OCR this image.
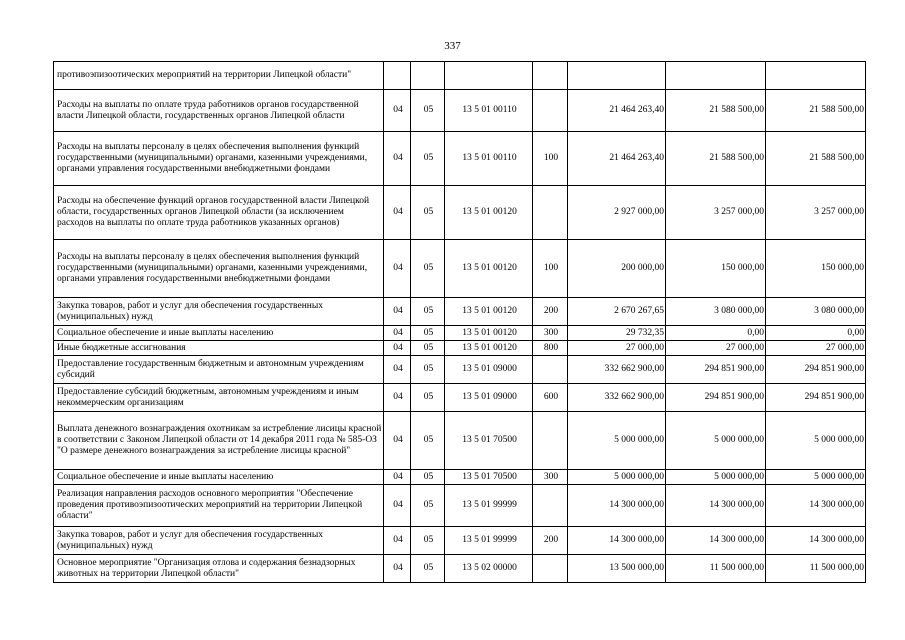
337
противоэпизоотических мероприятий на территории Липецкой области"							
Расходы на выплаты по оплате труда работников органов государственной власти Липецкой области, государственных органов Липецкой области	04	05	13 5 01 00110		21 464 263,40	21 588 500,00	21 588 500,00
Расходы на выплаты персоналу в целях обеспечения выполнения функций государственными (муниципальными) органами, казенными учреждениями, органами управления государственными внебюджетными фондами	04	05	13 5 01 00110	100	21 464 263,40	21 588 500,00	21 588 500,00
Расходы на обеспечение функций органов государственной власти Липецкой области, государственных органов Липецкой области (за исключением расходов на выплаты по оплате труда работников указанных органов)	04	05	13 5 01 00120		2 927 000,00	3 257 000,00	3 257 000,00
Расходы на выплаты персоналу в целях обеспечения выполнения функций государственными (муниципальными) органами, казенными учреждениями, органами управления государственными внебюджетными фондами	04	05	13 5 01 00120	100	200 000,00	150 000,00	150 000,00
Закупка товаров, работ и услуг для обеспечения государственных (муниципальных) нужд	04	05	13 5 01 00120	200	2 670 267,65	3 080 000,00	3 080 000,00
Социальное обеспечение и иные выплаты населению	04	05	13 5 01 00120	300	29 732,35	0,00	0,00
Иные бюджетные ассигнования	04	05	13 5 01 00120	800	27 000,00	27 000,00	27 000,00
Предоставление государственным бюджетным и автономным учреждениям субсидий	04	05	13 5 01 09000		332 662 900,00	294 851 900,00	294 851 900,00
Предоставление субсидий бюджетным, автономным учреждениям и иным некоммерческим организациям	04	05	13 5 01 09000	600	332 662 900,00	294 851 900,00	294 851 900,00
Выплата денежного вознаграждения охотникам за истребление лисицы красной в соответствии с Законом Липецкой области от 14 декабря 2011 года № 585-ОЗ "О размере денежного вознаграждения за истребление лисицы красной"	04	05	13 5 01 70500		5 000 000,00	5 000 000,00	5 000 000,00
Социальное обеспечение и иные выплаты населению	04	05	13 5 01 70500	300	5 000 000,00	5 000 000,00	5 000 000,00
Реализация направления расходов основного мероприятия "Обеспечение проведения противоэпизоотических мероприятий на территории Липецкой области"	04	05	13 5 01 99999		14 300 000,00	14 300 000,00	14 300 000,00
Закупка товаров, работ и услуг для обеспечения государственных (муниципальных) нужд	04	05	13 5 01 99999	200	14 300 000,00	14 300 000,00	14 300 000,00
Основное мероприятие "Организация отлова и содержания безнадзорных животных на территории Липецкой области"	04	05	13 5 02 00000		13 500 000,00	11 500 000,00	11 500 000,00
